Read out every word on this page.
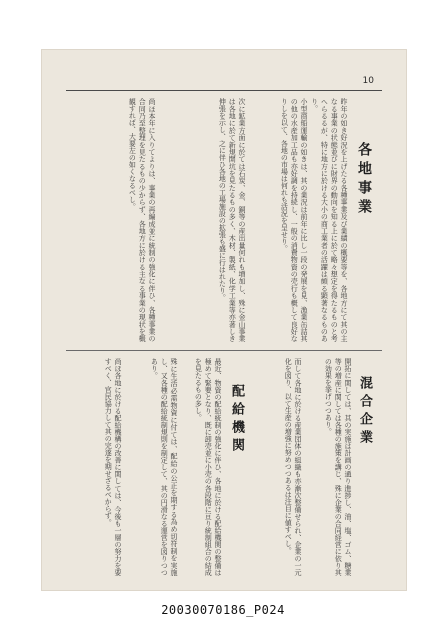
10
各地事業
昨年の如き好況を上げたる各種事業及び業績の概要等を、各地方にて其の主なる事業の状態並びに財界の動向を知る上に於て略々想定を得たるものと考へらるるが、特に地方に於ける大小の商工業者の活躍は頗る顕著なるものあり。
小型商船運輸の如きは、其の業況は前年に比し一段の発展を見、漁業缶詰其の他の水産加工品も亦好調を持続し、一般の消費物資の売行も概して良好なりしを以て、各地の市場は何れも活況を呈せり。
次に鉱業方面に於ては石炭、金、銅等の産出量何れも増加し、殊に金山事業は各地に於て新規開坑を見たるもの多く、木材、製紙、化学工業等亦著しき伸張を示し、之に伴ひ各地の工場施設の拡張も盛に行はれたり。
尚ほ本年に入りてよりは、事業の再編成並に統制の強化に伴ひ、各種事業の合同乃至整理を見たるもの少からず、各地方に於ける主なる事業の現状を概観すれば、大要左の如くなるべし。
混合企業
開拓に関しては、其の実施は計画の通り進捗し、油、塩、ゴム、糖業等の増産に関しては各種の施策を講じ、殊に企業の合同経営に依り其の効果を挙げつつあり。
而して各地に於ける産業団体の組織も亦漸次整備せられ、企業の一元化を図り、以て生産の増強に努めつつあるは注目に値すべし。
配給機関
最近、物資の配給統制の強化に伴ひ、各地に於ける配給機関の整備は極めて緊要となり、既に卸売並に小売の各段階に亘り統制組合の結成を見たるもの多し。
殊に生活必需物資に付ては、配給の公正を期する為め切符制を実施し、又各種の配給統制規則を制定して、其の円滑なる運営を図りつつあり。
尚ほ各地に於ける配給機構の改善に関しては、今後も一層の努力を要すべく、官民協力して其の完遂を期せざるべからず。
20030070186_P024
